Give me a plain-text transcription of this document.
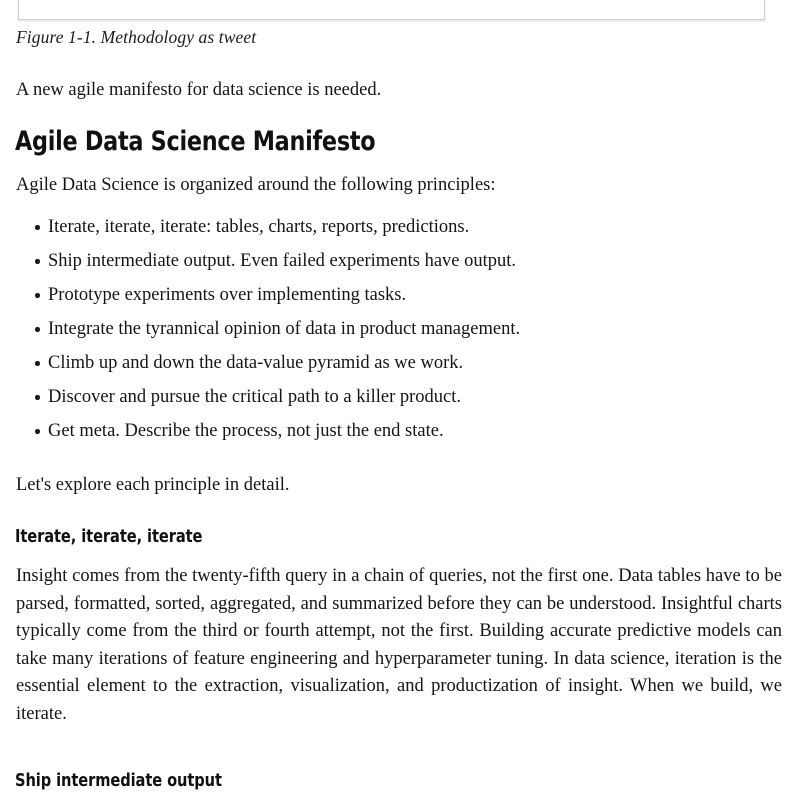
Figure 1-1. Methodology as tweet
A new agile manifesto for data science is needed.
Agile Data Science Manifesto
Agile Data Science is organized around the following principles:
Iterate, iterate, iterate: tables, charts, reports, predictions.
Ship intermediate output. Even failed experiments have output.
Prototype experiments over implementing tasks.
Integrate the tyrannical opinion of data in product management.
Climb up and down the data-value pyramid as we work.
Discover and pursue the critical path to a killer product.
Get meta. Describe the process, not just the end state.
Let's explore each principle in detail.
Iterate, iterate, iterate

Insight comes from the twenty-fifth query in a chain of queries, not the first one. Data tables have to be parsed, formatted, sorted, aggregated, and summarized before they can be understood. Insightful charts typically come from the third or fourth attempt, not the first. Building accurate predictive models can take many iterations of feature engineering and hyperparameter tuning. In data science, iteration is the essential element to the extraction, visualization, and productization of insight. When we build, we iterate.

Ship intermediate output
